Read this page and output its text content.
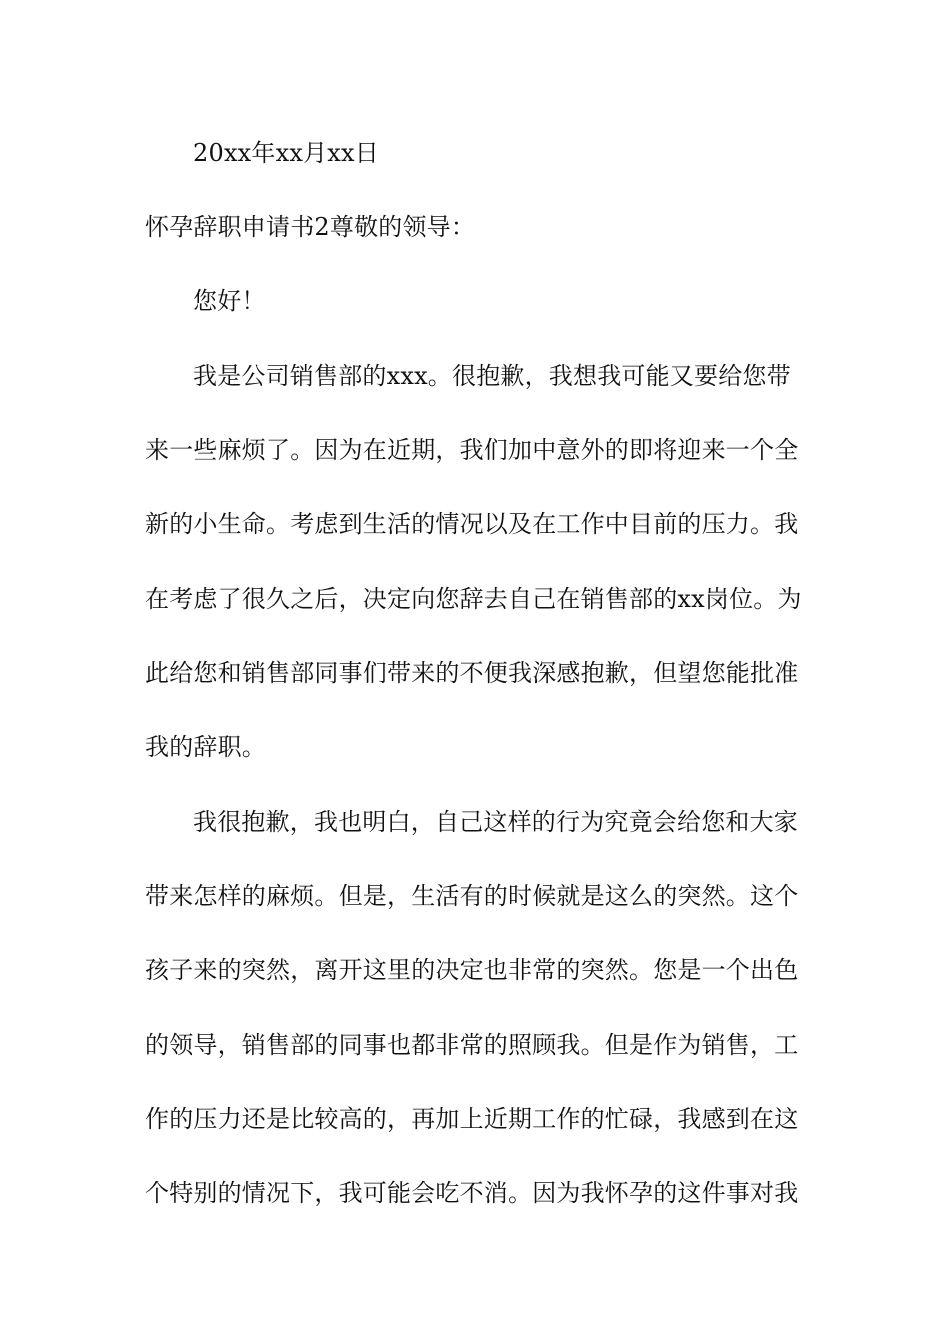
20xx年xx月xx日
怀孕辞职申请书2尊敬的领导：
您好！
我是公司销售部的xxx。很抱歉，我想我可能又要给您带
来一些麻烦了。因为在近期，我们加中意外的即将迎来一个全
新的小生命。考虑到生活的情况以及在工作中目前的压力。我
在考虑了很久之后，决定向您辞去自己在销售部的xx岗位。为
此给您和销售部同事们带来的不便我深感抱歉，但望您能批准
我的辞职。
我很抱歉，我也明白，自己这样的行为究竟会给您和大家
带来怎样的麻烦。但是，生活有的时候就是这么的突然。这个
孩子来的突然，离开这里的决定也非常的突然。您是一个出色
的领导，销售部的同事也都非常的照顾我。但是作为销售，工
作的压力还是比较高的，再加上近期工作的忙碌，我感到在这
个特别的情况下，我可能会吃不消。因为我怀孕的这件事对我
